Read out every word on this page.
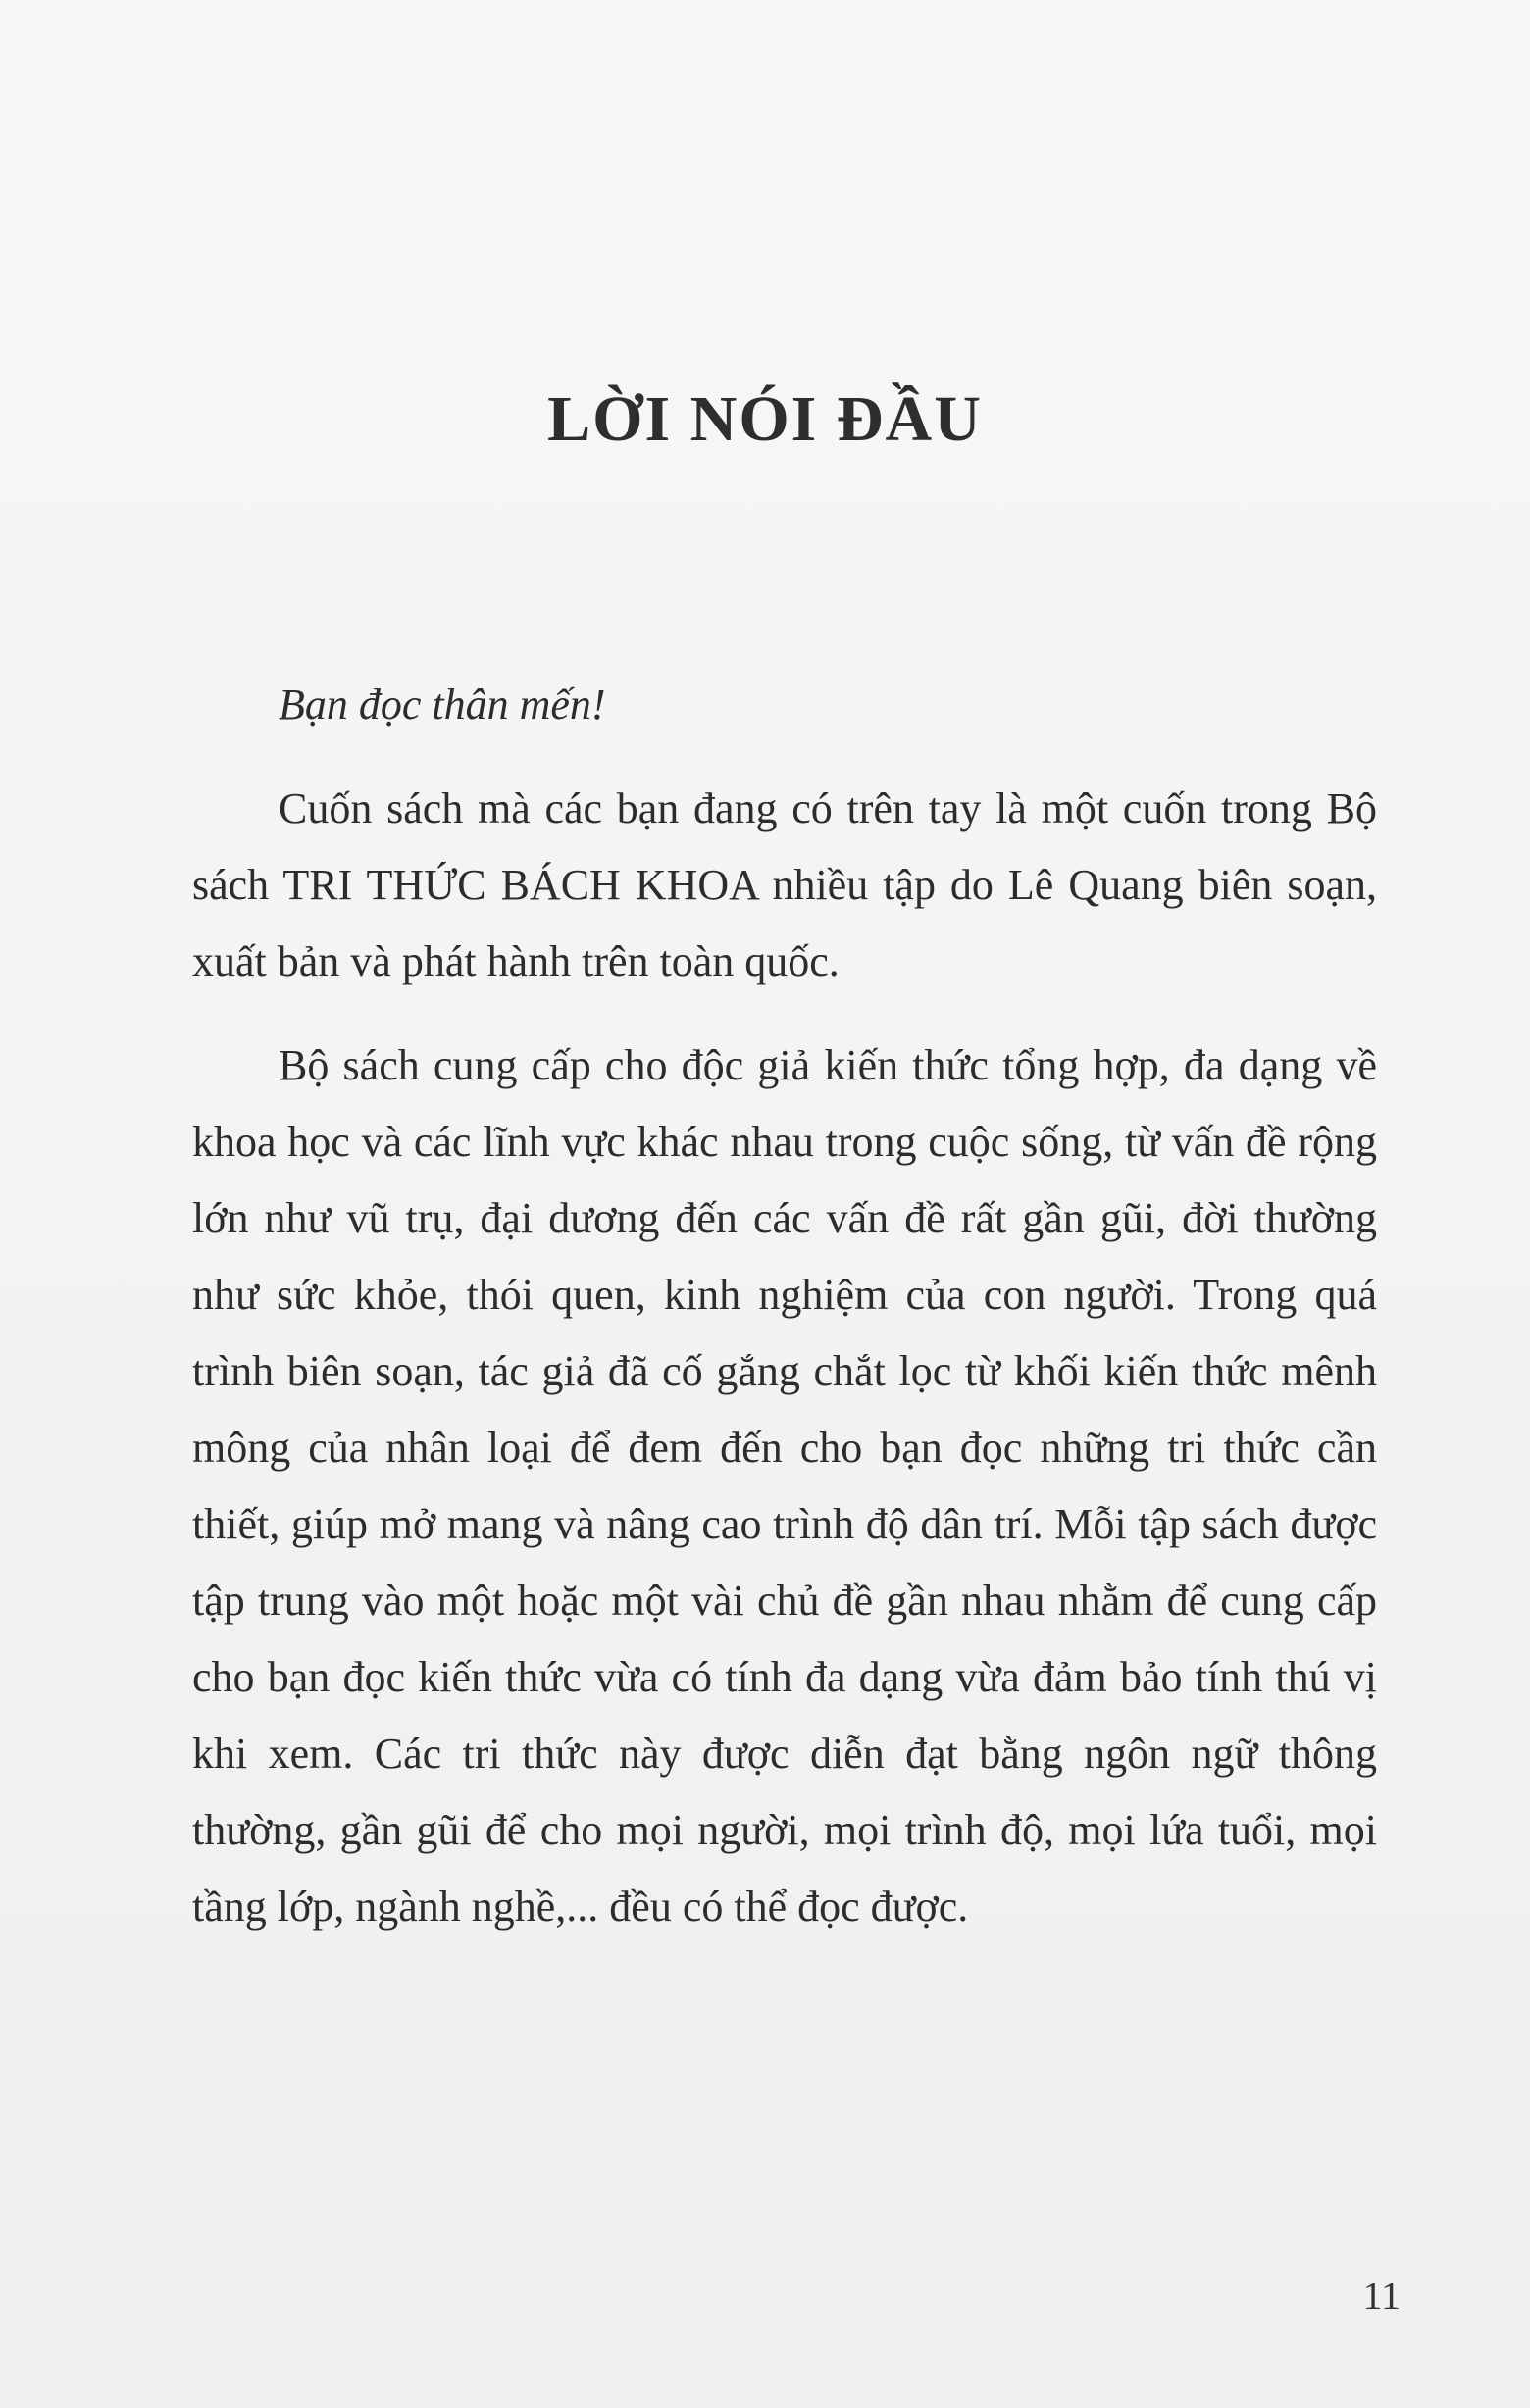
LỜI NÓI ĐẦU

Bạn đọc thân mến!

Cuốn sách mà các bạn đang có trên tay là một cuốn trong Bộ sách TRI THỨC BÁCH KHOA nhiều tập do Lê Quang biên soạn, xuất bản và phát hành trên toàn quốc.

Bộ sách cung cấp cho độc giả kiến thức tổng hợp, đa dạng về khoa học và các lĩnh vực khác nhau trong cuộc sống, từ vấn đề rộng lớn như vũ trụ, đại dương đến các vấn đề rất gần gũi, đời thường như sức khỏe, thói quen, kinh nghiệm của con người. Trong quá trình biên soạn, tác giả đã cố gắng chắt lọc từ khối kiến thức mênh mông của nhân loại để đem đến cho bạn đọc những tri thức cần thiết, giúp mở mang và nâng cao trình độ dân trí. Mỗi tập sách được tập trung vào một hoặc một vài chủ đề gần nhau nhằm để cung cấp cho bạn đọc kiến thức vừa có tính đa dạng vừa đảm bảo tính thú vị khi xem. Các tri thức này được diễn đạt bằng ngôn ngữ thông thường, gần gũi để cho mọi người, mọi trình độ, mọi lứa tuổi, mọi tầng lớp, ngành nghề,... đều có thể đọc được.

11
